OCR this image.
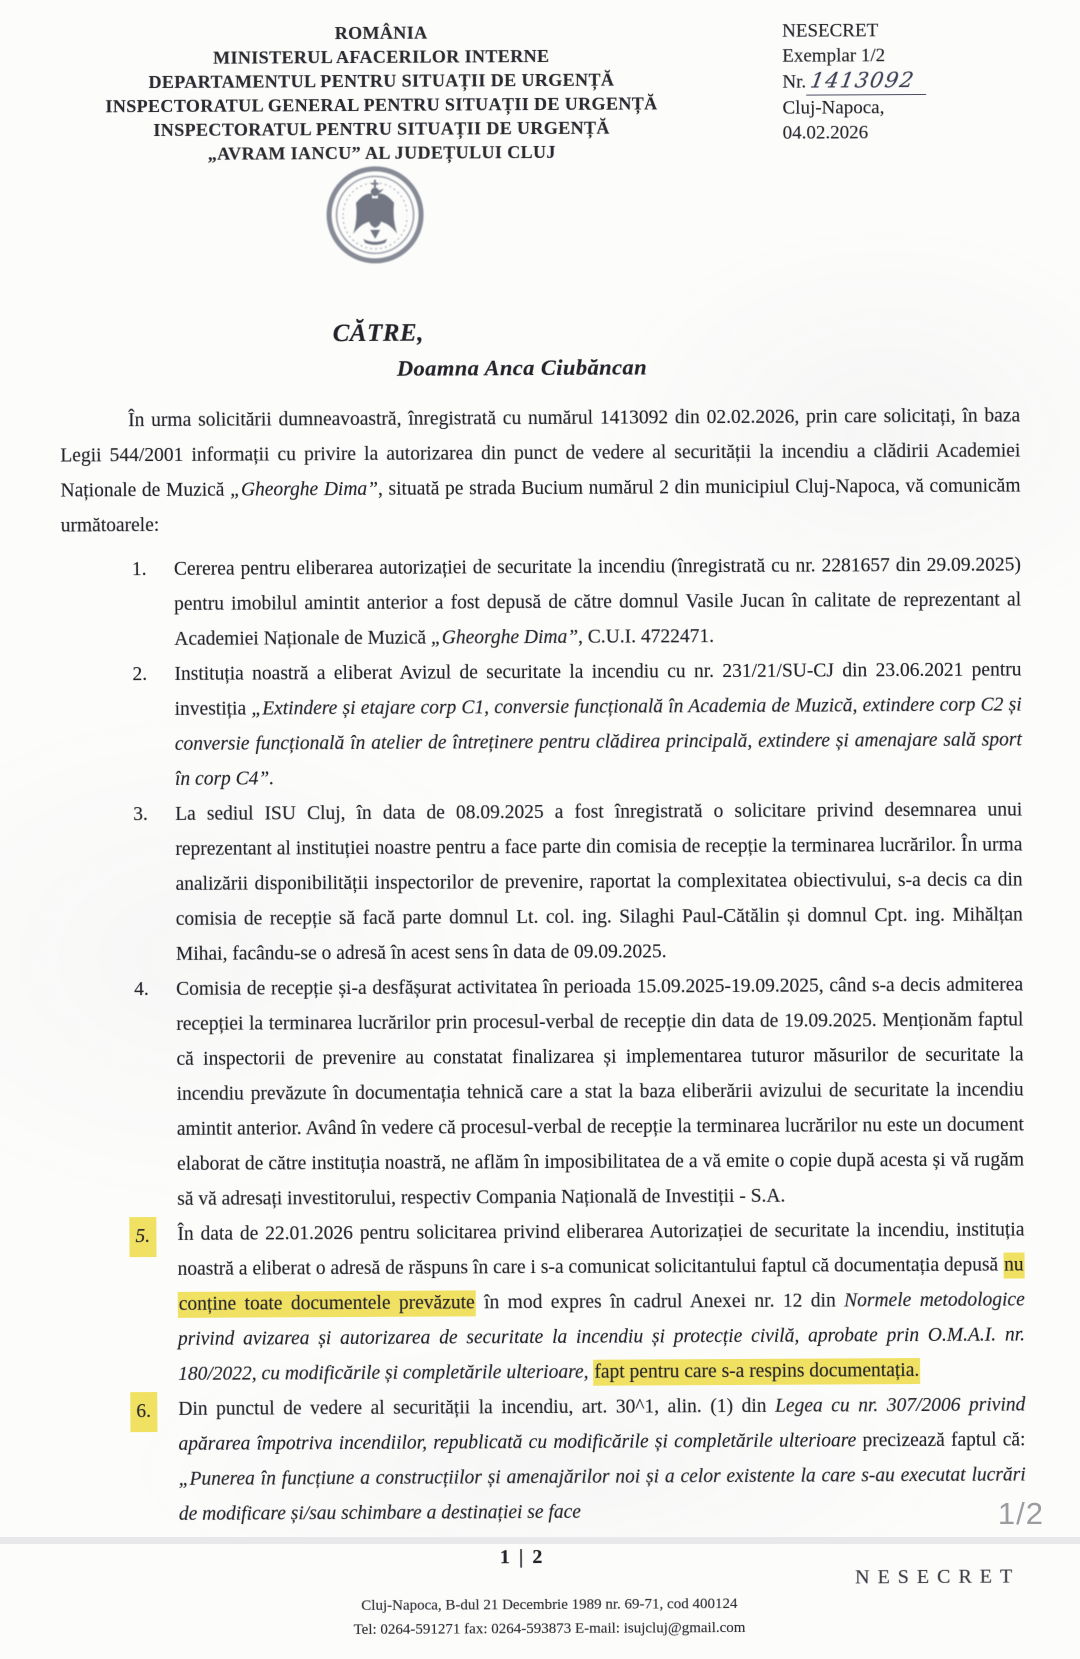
ROMÂNIA
MINISTERUL AFACERILOR INTERNE
DEPARTAMENTUL PENTRU SITUAȚII DE URGENȚĂ
INSPECTORATUL GENERAL PENTRU SITUAȚII DE URGENȚĂ
INSPECTORATUL PENTRU SITUAȚII DE URGENȚĂ
„AVRAM IANCU” AL JUDEȚULUI CLUJ
NESECRET
Exemplar 1/2
Nr. 1413092
Cluj-Napoca,
04.02.2026
CĂTRE,
Doamna Anca Ciubăncan

În urma solicitării dumneavoastră, înregistrată cu numărul 1413092 din 02.02.2026, prin care solicitați, în baza Legii 544/2001 informații cu privire la autorizarea din punct de vedere al securității la incendiu a clădirii Academiei Naționale de Muzică „Gheorghe Dima”, situată pe strada Bucium numărul 2 din municipiul Cluj-Napoca, vă comunicăm următoarele:

1. Cererea pentru eliberarea autorizației de securitate la incendiu (înregistrată cu nr. 2281657 din 29.09.2025) pentru imobilul amintit anterior a fost depusă de către domnul Vasile Jucan în calitate de reprezentant al Academiei Naționale de Muzică „Gheorghe Dima”, C.U.I. 4722471.
2. Instituția noastră a eliberat Avizul de securitate la incendiu cu nr. 231/21/SU-CJ din 23.06.2021 pentru investiția „Extindere și etajare corp C1, conversie funcțională în Academia de Muzică, extindere corp C2 și conversie funcțională în atelier de întreținere pentru clădirea principală, extindere și amenajare sală sport în corp C4”.
3. La sediul ISU Cluj, în data de 08.09.2025 a fost înregistrată o solicitare privind desemnarea unui reprezentant al instituției noastre pentru a face parte din comisia de recepție la terminarea lucrărilor. În urma analizării disponibilității inspectorilor de prevenire, raportat la complexitatea obiectivului, s-a decis ca din comisia de recepție să facă parte domnul Lt. col. ing. Silaghi Paul-Cătălin și domnul Cpt. ing. Mihălțan Mihai, facându-se o adresă în acest sens în data de 09.09.2025.
4. Comisia de recepție și-a desfășurat activitatea în perioada 15.09.2025-19.09.2025, când s-a decis admiterea recepției la terminarea lucrărilor prin procesul-verbal de recepție din data de 19.09.2025. Menționăm faptul că inspectorii de prevenire au constatat finalizarea și implementarea tuturor măsurilor de securitate la incendiu prevăzute în documentația tehnică care a stat la baza eliberării avizului de securitate la incendiu amintit anterior. Având în vedere că procesul-verbal de recepție la terminarea lucrărilor nu este un document elaborat de către instituția noastră, ne aflăm în imposibilitatea de a vă emite o copie după acesta și vă rugăm să vă adresați investitorului, respectiv Compania Națională de Investiții - S.A.
5.	În data de 22.01.2026 pentru solicitarea privind eliberarea Autorizației de securitate la incendiu, instituția noastră a eliberat o adresă de răspuns în care i s-a comunicat solicitantului faptul că documentația depusă nu conține toate documentele prevăzute în mod expres în cadrul Anexei nr. 12 din Normele metodologice privind avizarea și autorizarea de securitate la incendiu și protecție civilă, aprobate prin O.M.A.I. nr. 180/2022, cu modificările și completările ulterioare, fapt pentru care s-a respins documentația.
6.	Din punctul de vedere al securității la incendiu, art. 30^1, alin. (1) din Legea cu nr. 307/2006 privind apărarea împotriva incendiilor, republicată cu modificările și completările ulterioare precizează faptul că: „Punerea în funcțiune a construcțiilor și amenajărilor noi și a celor existente la care s-au executat lucrări de modificare și/sau schimbare a destinației se face
1 | 2
NESECRET
Cluj-Napoca, B-dul 21 Decembrie 1989 nr. 69-71, cod 400124
Tel: 0264-591271 fax: 0264-593873 E-mail: isujcluj@gmail.com
1/2
